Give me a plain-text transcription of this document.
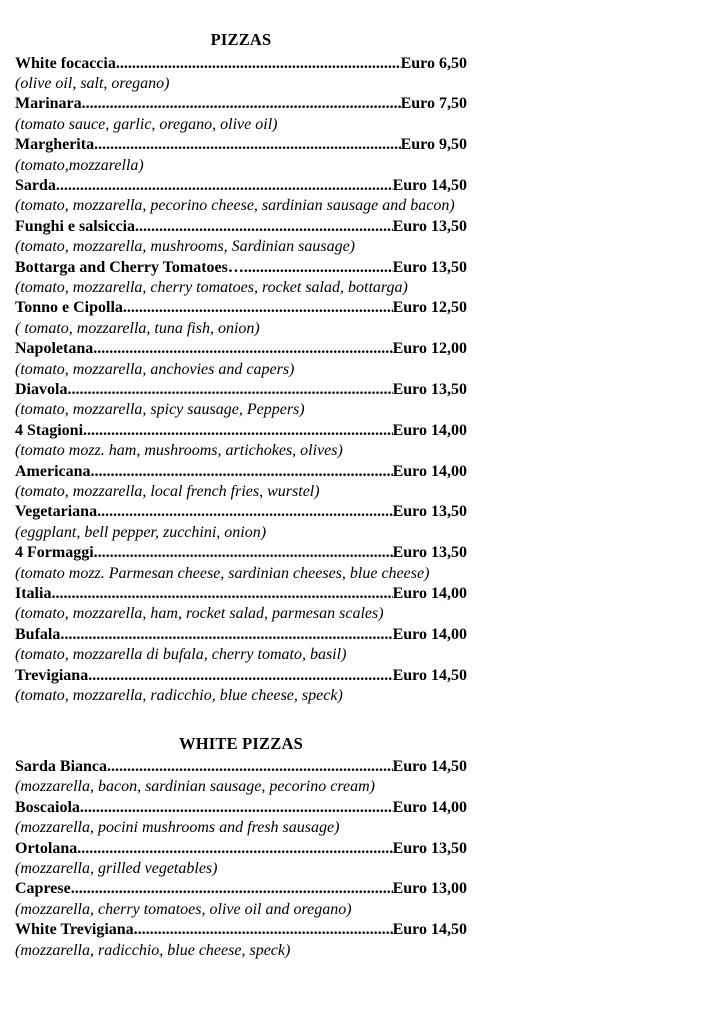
PIZZAS
White focaccia .....	Euro 6,50
(olive oil, salt, oregano)
Marinara .....	Euro 7,50
(tomato sauce, garlic, oregano, olive oil)
Margherita .....	Euro 9,50
(tomato,mozzarella)
Sarda .....	Euro 14,50
(tomato, mozzarella, pecorino cheese, sardinian sausage and bacon)
Funghi e salsiccia .....	Euro 13,50
(tomato, mozzarella, mushrooms, Sardinian sausage)
Bottarga and Cherry Tomatoes…... .....	Euro 13,50
(tomato, mozzarella, cherry tomatoes, rocket salad, bottarga)
Tonno e Cipolla .....	Euro 12,50
( tomato, mozzarella, tuna fish, onion)
Napoletana .....	Euro 12,00
(tomato, mozzarella, anchovies and capers)
Diavola .....	Euro 13,50
(tomato, mozzarella, spicy sausage, Peppers)
4 Stagioni .....	Euro 14,00
(tomato mozz. ham, mushrooms, artichokes, olives)
Americana .....	Euro 14,00
(tomato, mozzarella, local french fries, wurstel)
Vegetariana .....	Euro 13,50
(eggplant, bell pepper, zucchini, onion)
4 Formaggi .....	Euro 13,50
(tomato mozz. Parmesan cheese, sardinian cheeses, blue cheese)
Italia .....	Euro 14,00
(tomato, mozzarella, ham, rocket salad, parmesan scales)
Bufala .....	Euro 14,00
(tomato, mozzarella di bufala, cherry tomato, basil)
Trevigiana .....	Euro 14,50
(tomato, mozzarella, radicchio, blue cheese, speck)
WHITE PIZZAS
Sarda Bianca .....	Euro 14,50
(mozzarella, bacon, sardinian sausage, pecorino cream)
Boscaiola .....	Euro 14,00
(mozzarella, pocini mushrooms and fresh sausage)
Ortolana .....	Euro 13,50
(mozzarella, grilled vegetables)
Caprese .....	Euro 13,00
(mozzarella, cherry tomatoes, olive oil and oregano)
White Trevigiana .....	Euro 14,50
(mozzarella, radicchio, blue cheese, speck)
